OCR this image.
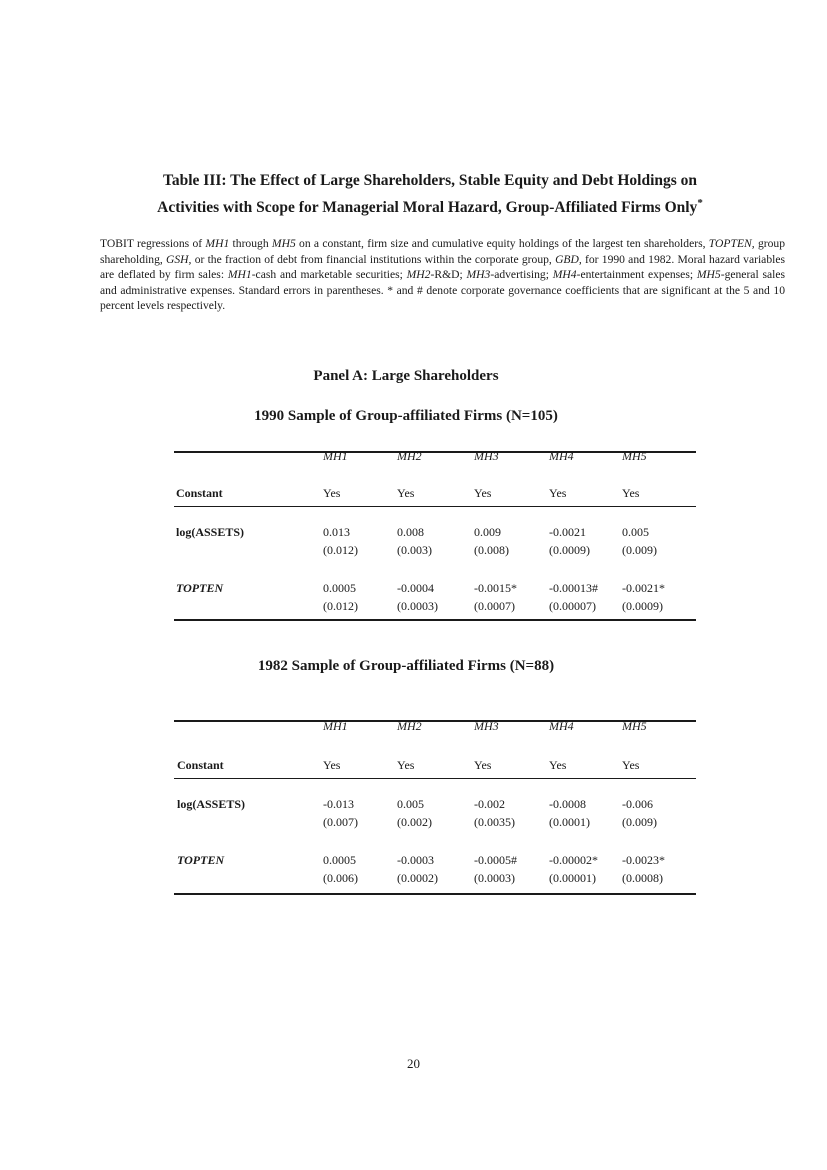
Table III: The Effect of Large Shareholders, Stable Equity and Debt Holdings on
Activities with Scope for Managerial Moral Hazard, Group-Affiliated Firms Only*
TOBIT regressions of MH1 through MH5 on a constant, firm size and cumulative equity holdings of the largest ten shareholders, TOPTEN, group shareholding, GSH, or the fraction of debt from financial institutions within the corporate group, GBD, for 1990 and 1982. Moral hazard variables are deflated by firm sales: MH1-cash and marketable securities; MH2-R&D; MH3-advertising; MH4-entertainment expenses; MH5-general sales and administrative expenses. Standard errors in parentheses. * and # denote corporate governance coefficients that are significant at the 5 and 10 percent levels respectively.
Panel A: Large Shareholders
1990 Sample of Group-affiliated Firms (N=105)
1982 Sample of Group-affiliated Firms (N=88)
MH1	MH2	MH3	MH4	MH5
Constant	Yes	Yes	Yes	Yes	Yes
log(ASSETS)	0.013	0.008	0.009	-0.0021	0.005
(0.012)	(0.003)	(0.008)	(0.0009)	(0.009)
TOPTEN	0.0005	-0.0004	-0.0015*	-0.00013# -0.0021*
(0.012)	(0.0003)	(0.0007)	(0.00007) (0.0009)
MH1	MH2	MH3	MH4	MH5
Constant	Yes	Yes	Yes	Yes	Yes
log(ASSETS)	-0.013	0.005	-0.002	-0.0008	-0.006
(0.007)	(0.002)	(0.0035)	(0.0001)	(0.009)
TOPTEN	0.0005	-0.0003	-0.0005#	-0.00002* -0.0023*
(0.006)	(0.0002)	(0.0003)	(0.00001) (0.0008)
20
